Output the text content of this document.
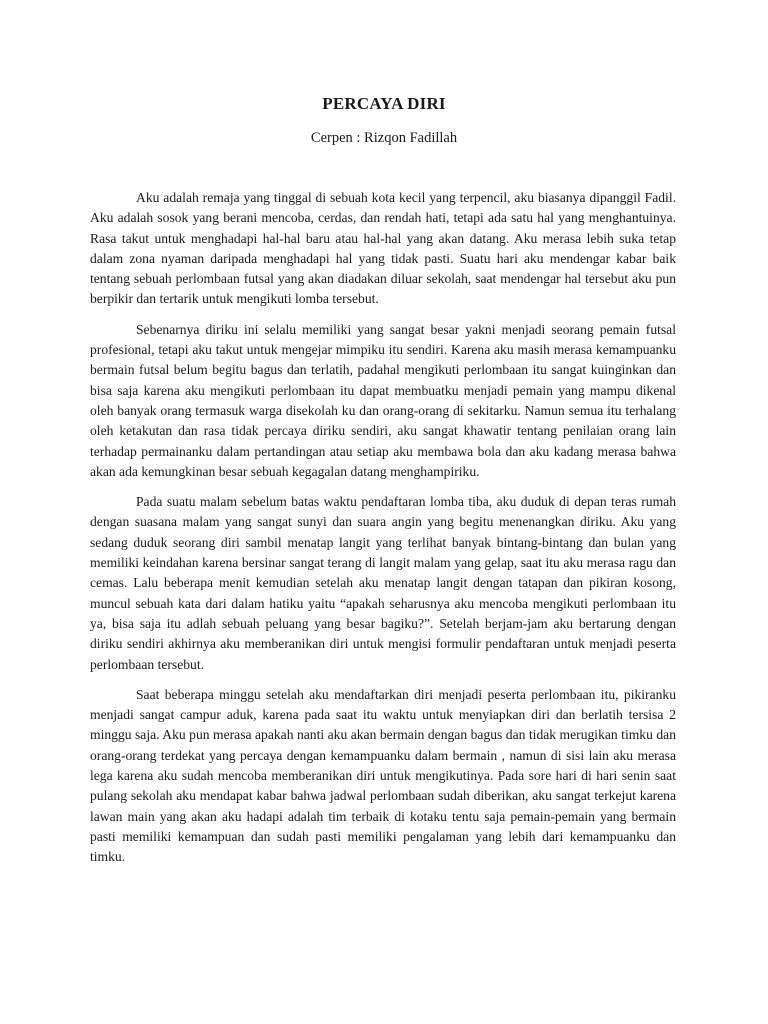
PERCAYA DIRI
Cerpen : Rizqon Fadillah

Aku adalah remaja yang tinggal di sebuah kota kecil yang terpencil, aku biasanya dipanggil Fadil. Aku adalah sosok yang berani mencoba, cerdas, dan rendah hati, tetapi ada satu hal yang menghantuinya. Rasa takut untuk menghadapi hal-hal baru atau hal-hal yang akan datang. Aku merasa lebih suka tetap dalam zona nyaman daripada menghadapi hal yang tidak pasti. Suatu hari aku mendengar kabar baik tentang sebuah perlombaan futsal yang akan diadakan diluar sekolah, saat mendengar hal tersebut aku pun berpikir dan tertarik untuk mengikuti lomba tersebut.

Sebenarnya diriku ini selalu memiliki yang sangat besar yakni menjadi seorang pemain futsal profesional, tetapi aku takut untuk mengejar mimpiku itu sendiri. Karena aku masih merasa kemampuanku bermain futsal belum begitu bagus dan terlatih, padahal mengikuti perlombaan itu sangat kuinginkan dan bisa saja karena aku mengikuti perlombaan itu dapat membuatku menjadi pemain yang mampu dikenal oleh banyak orang termasuk warga disekolah ku dan orang-orang di sekitarku. Namun semua itu terhalang oleh ketakutan dan rasa tidak percaya diriku sendiri, aku sangat khawatir tentang penilaian orang lain terhadap permainanku dalam pertandingan atau setiap aku membawa bola dan aku kadang merasa bahwa akan ada kemungkinan besar sebuah kegagalan datang menghampiriku.

Pada suatu malam sebelum batas waktu pendaftaran lomba tiba, aku duduk di depan teras rumah dengan suasana malam yang sangat sunyi dan suara angin yang begitu menenangkan diriku. Aku yang sedang duduk seorang diri sambil menatap langit yang terlihat banyak bintang-bintang dan bulan yang memiliki keindahan karena bersinar sangat terang di langit malam yang gelap, saat itu aku merasa ragu dan cemas. Lalu beberapa menit kemudian setelah aku menatap langit dengan tatapan dan pikiran kosong, muncul sebuah kata dari dalam hatiku yaitu “apakah seharusnya aku mencoba mengikuti perlombaan itu ya, bisa saja itu adlah sebuah peluang yang besar bagiku?”. Setelah berjam-jam aku bertarung dengan diriku sendiri akhirnya aku memberanikan diri untuk mengisi formulir pendaftaran untuk menjadi peserta perlombaan tersebut.

Saat beberapa minggu setelah aku mendaftarkan diri menjadi peserta perlombaan itu, pikiranku menjadi sangat campur aduk, karena pada saat itu waktu untuk menyiapkan diri dan berlatih tersisa 2 minggu saja. Aku pun merasa apakah nanti aku akan bermain dengan bagus dan tidak merugikan timku dan orang-orang terdekat yang percaya dengan kemampuanku dalam bermain , namun di sisi lain aku merasa lega karena aku sudah mencoba memberanikan diri untuk mengikutinya. Pada sore hari di hari senin saat pulang sekolah aku mendapat kabar bahwa jadwal perlombaan sudah diberikan, aku sangat terkejut karena lawan main yang akan aku hadapi adalah tim terbaik di kotaku tentu saja pemain-pemain yang bermain pasti memiliki kemampuan dan sudah pasti memiliki pengalaman yang lebih dari kemampuanku dan timku.
